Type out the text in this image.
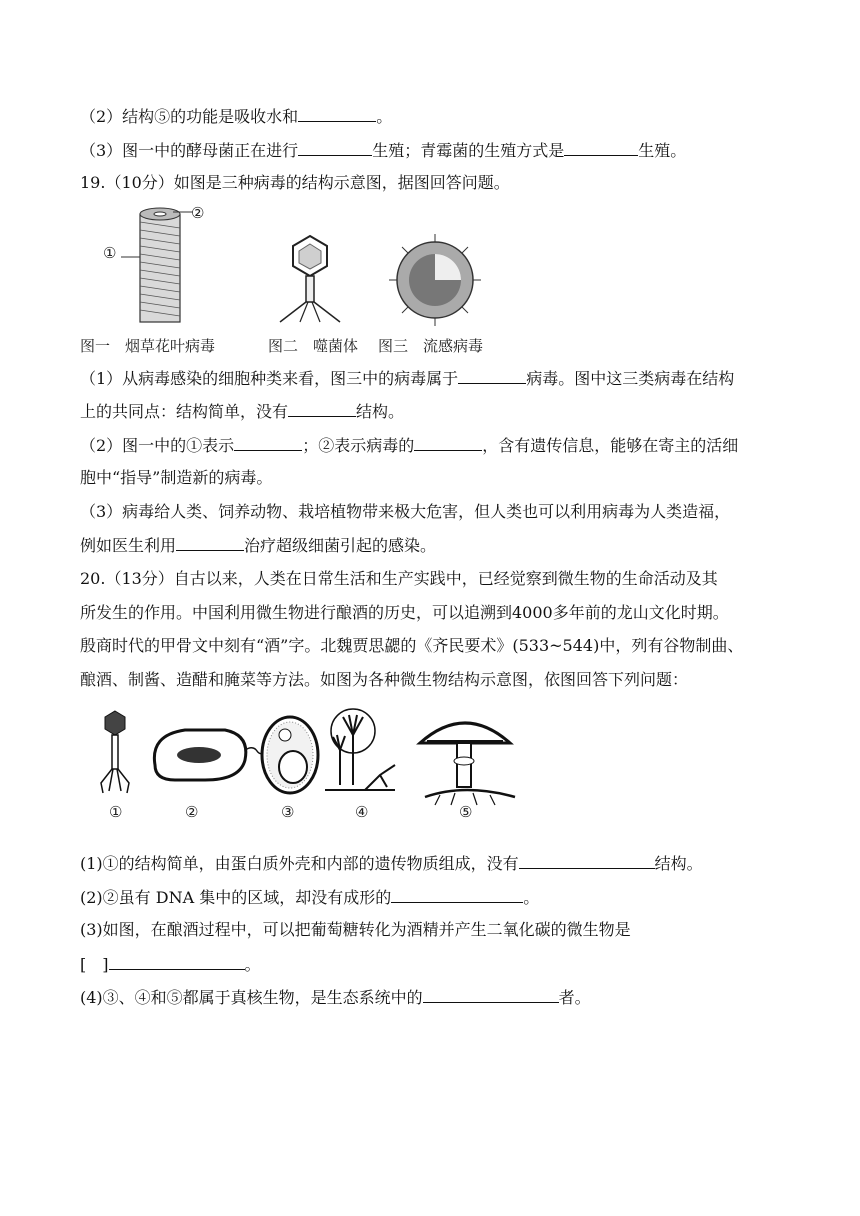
（2）结构⑤的功能是吸收水和	。
（3）图一中的酵母菌正在进行	生殖；青霉菌的生殖方式是	生殖。
19.（10分）如图是三种病毒的结构示意图，据图回答问题。
①
②
图一　烟草花叶病毒	图二　噬菌体 图三　流感病毒
（1）从病毒感染的细胞种类来看，图三中的病毒属于	病毒。图中这三类病毒在结构
上的共同点：结构简单，没有	结构。
（2）图一中的①表示	；②表示病毒的	，含有遗传信息，能够在寄主的活细
胞中“指导”制造新的病毒。
（3）病毒给人类、饲养动物、栽培植物带来极大危害，但人类也可以利用病毒为人类造福，
例如医生利用	治疗超级细菌引起的感染。
20.（13分）自古以来，人类在日常生活和生产实践中，已经觉察到微生物的生命活动及其
所发生的作用。中国利用微生物进行酿酒的历史，可以追溯到4000多年前的龙山文化时期。
殷商时代的甲骨文中刻有“酒”字。北魏贾思勰的《齐民要术》(533~544)中，列有谷物制曲、
酿酒、制酱、造醋和腌菜等方法。如图为各种微生物结构示意图，依图回答下列问题：
①	②	③	④	⑤
(1)①的结构简单，由蛋白质外壳和内部的遗传物质组成，没有	结构。
(2)②虽有 DNA 集中的区域，却没有成形的	。
(3)如图，在酿酒过程中，可以把葡萄糖转化为酒精并产生二氧化碳的微生物是
[　]	。
(4)③、④和⑤都属于真核生物，是生态系统中的	者。
